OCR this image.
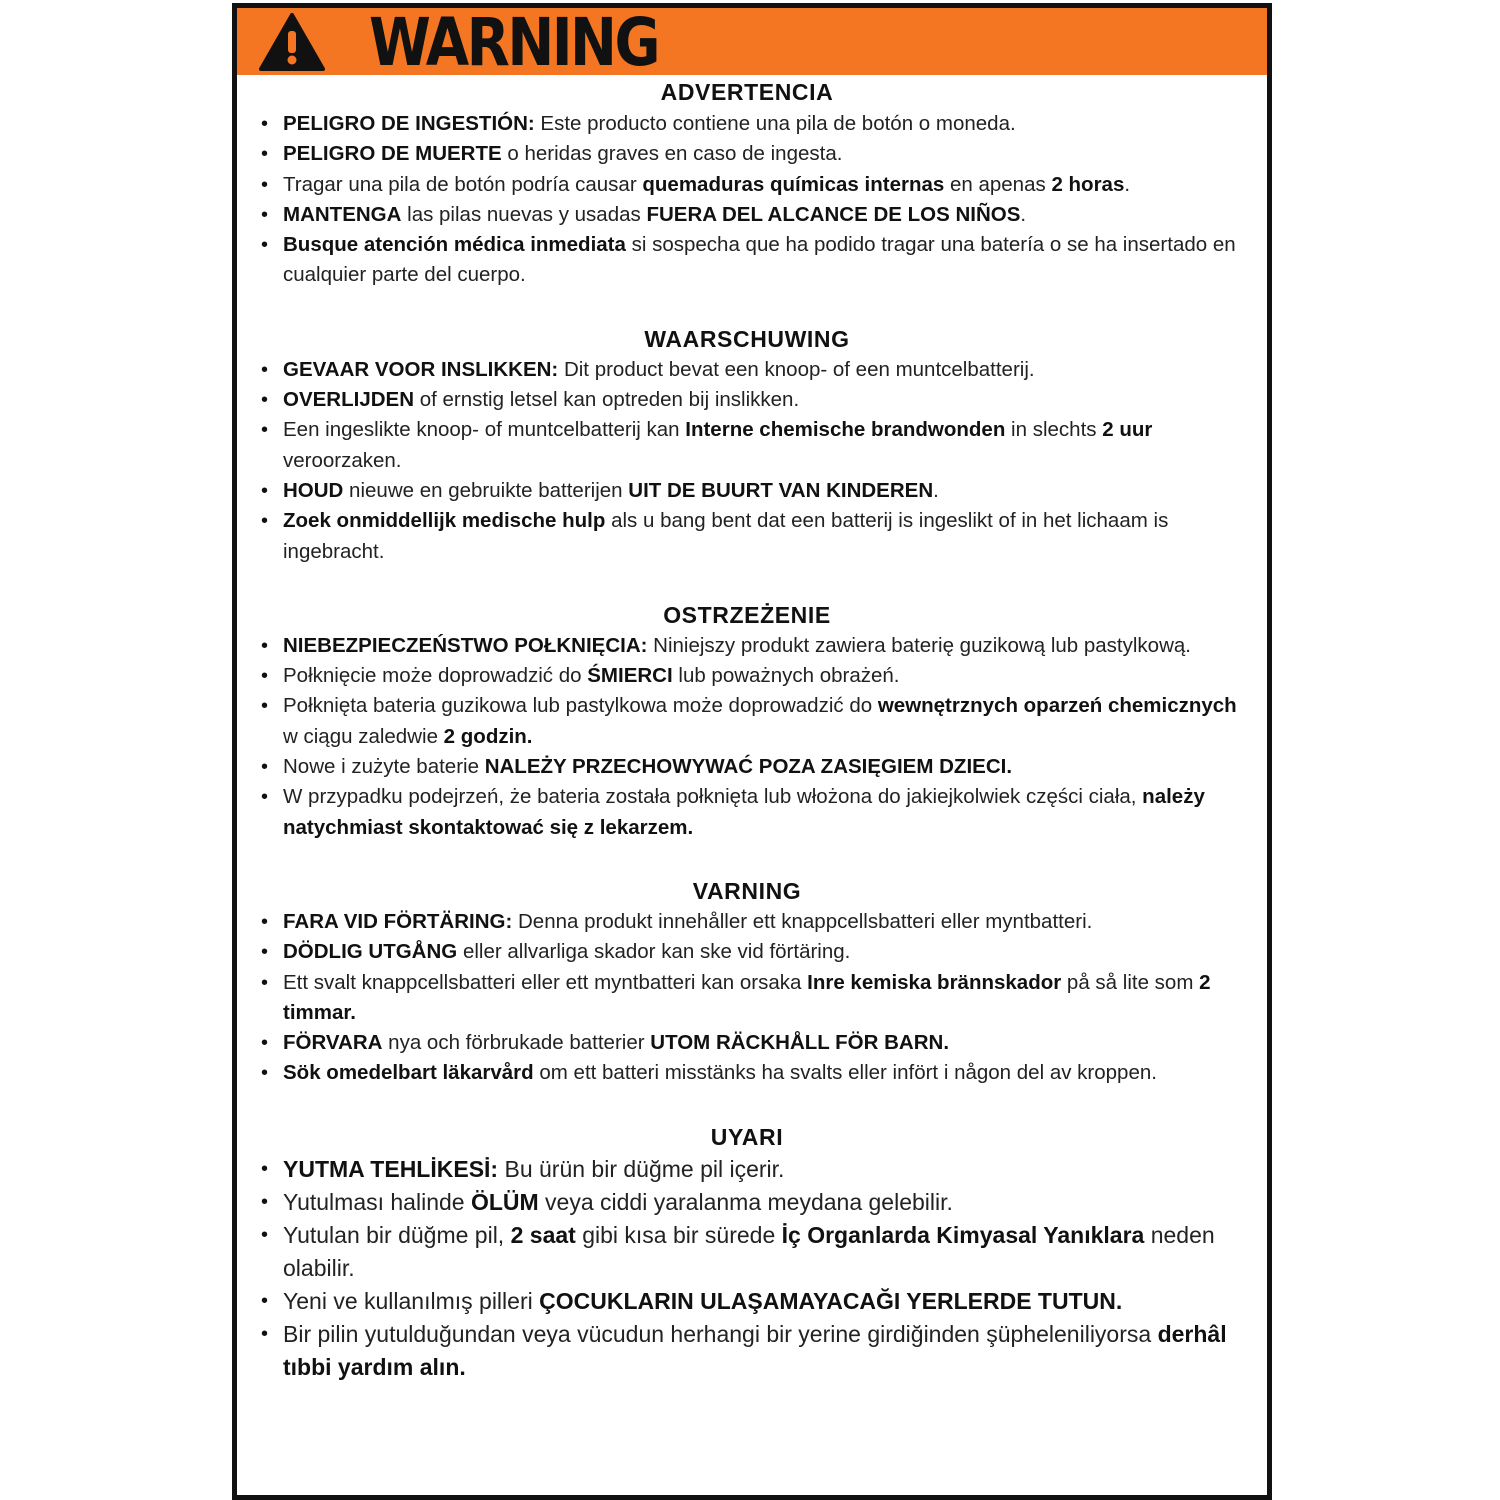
WARNING
ADVERTENCIA
• PELIGRO DE INGESTIÓN: Este producto contiene una pila de botón o moneda.
• PELIGRO DE MUERTE o heridas graves en caso de ingesta.
• Tragar una pila de botón podría causar quemaduras químicas internas en apenas 2 horas.
• MANTENGA las pilas nuevas y usadas FUERA DEL ALCANCE DE LOS NIÑOS.
• Busque atención médica inmediata si sospecha que ha podido tragar una batería o se ha insertado en cualquier parte del cuerpo.
WAARSCHUWING
• GEVAAR VOOR INSLIKKEN: Dit product bevat een knoop- of een muntcelbatterij.
• OVERLIJDEN of ernstig letsel kan optreden bij inslikken.
• Een ingeslikte knoop- of muntcelbatterij kan Interne chemische brandwonden in slechts 2 uur veroorzaken.
• HOUD nieuwe en gebruikte batterijen UIT DE BUURT VAN KINDEREN.
• Zoek onmiddellijk medische hulp als u bang bent dat een batterij is ingeslikt of in het lichaam is ingebracht.
OSTRZEŻENIE
• NIEBEZPIECZEŃSTWO POŁKNIĘCIA: Niniejszy produkt zawiera baterię guzikową lub pastylkową.
• Połknięcie może doprowadzić do ŚMIERCI lub poważnych obrażeń.
• Połknięta bateria guzikowa lub pastylkowa może doprowadzić do wewnętrznych oparzeń chemicznych w ciągu zaledwie 2 godzin.
• Nowe i zużyte baterie NALEŻY PRZECHOWYWAĆ POZA ZASIĘGIEM DZIECI.
• W przypadku podejrzeń, że bateria została połknięta lub włożona do jakiejkolwiek części ciała, należy natychmiast skontaktować się z lekarzem.
VARNING
• FARA VID FÖRTÄRING: Denna produkt innehåller ett knappcellsbatteri eller myntbatteri.
• DÖDLIG UTGÅNG eller allvarliga skador kan ske vid förtäring.
• Ett svalt knappcellsbatteri eller ett myntbatteri kan orsaka Inre kemiska brännskador på så lite som 2 timmar.
• FÖRVARA nya och förbrukade batterier UTOM RÄCKHÅLL FÖR BARN.
• Sök omedelbart läkarvård om ett batteri misstänks ha svalts eller infört i någon del av kroppen.
UYARI
• YUTMA TEHLİKESİ: Bu ürün bir düğme pil içerir.
• Yutulması halinde ÖLÜM veya ciddi yaralanma meydana gelebilir.
• Yutulan bir düğme pil, 2 saat gibi kısa bir sürede İç Organlarda Kimyasal Yanıklara neden olabilir.
• Yeni ve kullanılmış pilleri ÇOCUKLARIN ULAŞAMAYACAĞI YERLERDE TUTUN.
• Bir pilin yutulduğundan veya vücudun herhangi bir yerine girdiğinden şüpheleniliyorsa derhâl tıbbi yardım alın.
